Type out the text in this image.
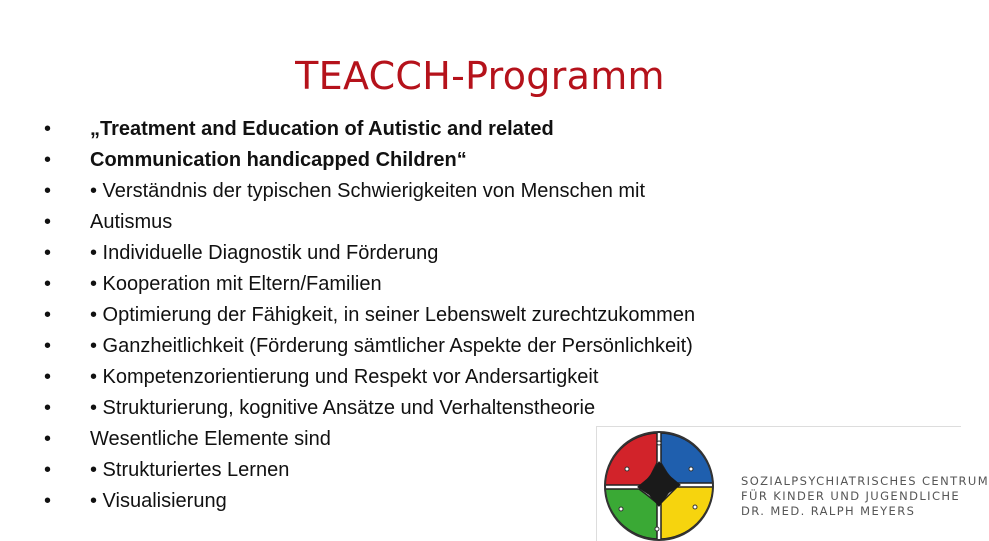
TEACCH-Programm
• „Treatment and Education of Autistic and related
• Communication handicapped Children“
• • Verständnis der typischen Schwierigkeiten von Menschen mit
• Autismus
• • Individuelle Diagnostik und Förderung
• • Kooperation mit Eltern/Familien
• • Optimierung der Fähigkeit, in seiner Lebenswelt zurechtzukommen
• • Ganzheitlichkeit (Förderung sämtlicher Aspekte der Persönlichkeit)
• • Kompetenzorientierung und Respekt vor Andersartigkeit
• • Strukturierung, kognitive Ansätze und Verhaltenstheorie
• Wesentliche Elemente sind
• • Strukturiertes Lernen
• • Visualisierung
SOZIALPSYCHIATRISCHES CENTRUM
FÜR KINDER UND JUGENDLICHE
DR. MED. RALPH MEYERS
